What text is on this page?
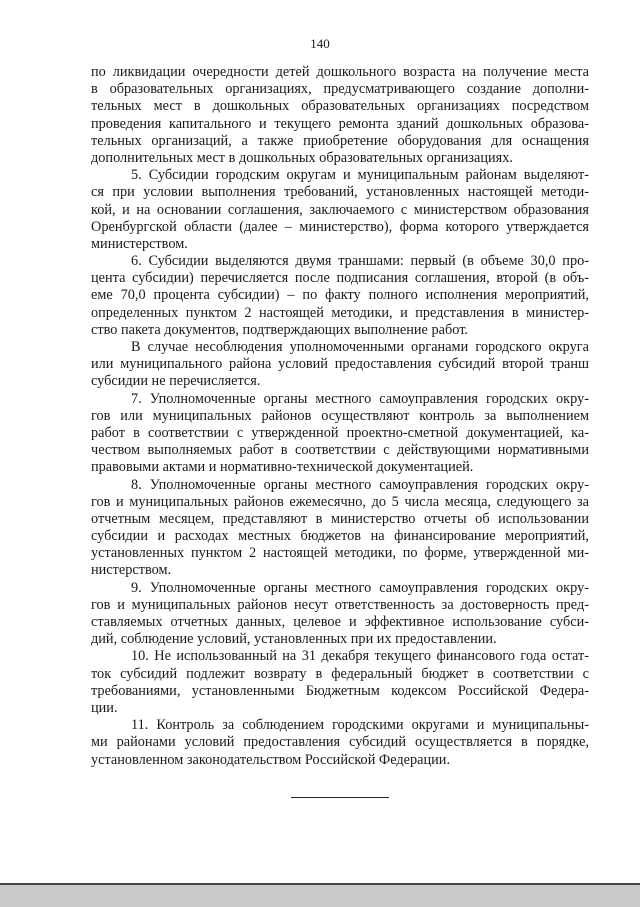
140
по ликвидации очередности детей дошкольного возраста на получение места
в образовательных организациях, предусматривающего создание дополни-
тельных мест в дошкольных образовательных организациях посредством
проведения капитального и текущего ремонта зданий дошкольных образова-
тельных организаций, а также приобретение оборудования для оснащения
дополнительных мест в дошкольных образовательных организациях.
5. Субсидии городским округам и муниципальным районам выделяют-
ся при условии выполнения требований, установленных настоящей методи-
кой, и на основании соглашения, заключаемого с министерством образования
Оренбургской области (далее – министерство), форма которого утверждается
министерством.
6. Субсидии выделяются двумя траншами: первый (в объеме 30,0 про-
цента субсидии) перечисляется после подписания соглашения, второй (в объ-
еме 70,0 процента субсидии) – по факту полного исполнения мероприятий,
определенных пунктом 2 настоящей методики, и представления в министер-
ство пакета документов, подтверждающих выполнение работ.
В случае несоблюдения уполномоченными органами городского округа
или муниципального района условий предоставления субсидий второй транш
субсидии не перечисляется.
7. Уполномоченные органы местного самоуправления городских окру-
гов или муниципальных районов осуществляют контроль за выполнением
работ в соответствии с утвержденной проектно-сметной документацией, ка-
чеством выполняемых работ в соответствии с действующими нормативными
правовыми актами и нормативно-технической документацией.
8. Уполномоченные органы местного самоуправления городских окру-
гов и муниципальных районов ежемесячно, до 5 числа месяца, следующего за
отчетным месяцем, представляют в министерство отчеты об использовании
субсидии и расходах местных бюджетов на финансирование мероприятий,
установленных пунктом 2 настоящей методики, по форме, утвержденной ми-
нистерством.
9. Уполномоченные органы местного самоуправления городских окру-
гов и муниципальных районов несут ответственность за достоверность пред-
ставляемых отчетных данных, целевое и эффективное использование субси-
дий, соблюдение условий, установленных при их предоставлении.
10. Не использованный на 31 декабря текущего финансового года остат-
ток субсидий подлежит возврату в федеральный бюджет в соответствии с
требованиями, установленными Бюджетным кодексом Российской Федера-
ции.
11. Контроль за соблюдением городскими округами и муниципальны-
ми районами условий предоставления субсидий осуществляется в порядке,
установленном законодательством Российской Федерации.
